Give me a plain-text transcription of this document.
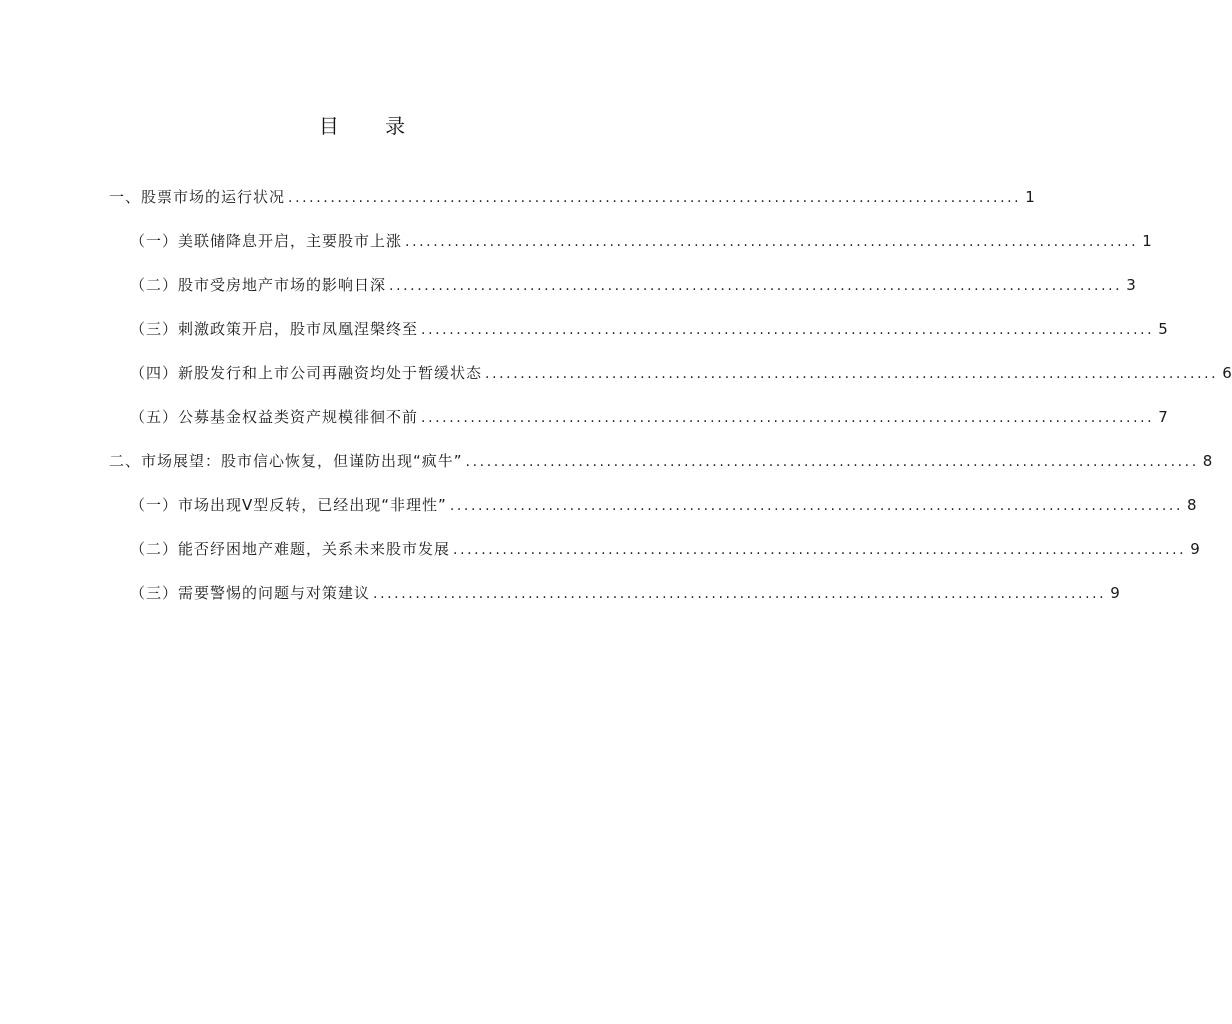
目 录
一、股票市场的运行状况 ........................................................................................................ 1
（一）美联储降息开启，主要股市上涨 ........................................................................................................ 1
（二）股市受房地产市场的影响日深 ........................................................................................................ 3
（三）刺激政策开启，股市凤凰涅槃终至 ........................................................................................................ 5
（四）新股发行和上市公司再融资均处于暂缓状态 ........................................................................................................ 6
（五）公募基金权益类资产规模徘徊不前 ........................................................................................................ 7
二、市场展望：股市信心恢复，但谨防出现“疯牛” ........................................................................................................ 8
（一）市场出现V型反转，已经出现“非理性” ........................................................................................................ 8
（二）能否纾困地产难题，关系未来股市发展 ........................................................................................................ 9
（三）需要警惕的问题与对策建议 ........................................................................................................ 9
